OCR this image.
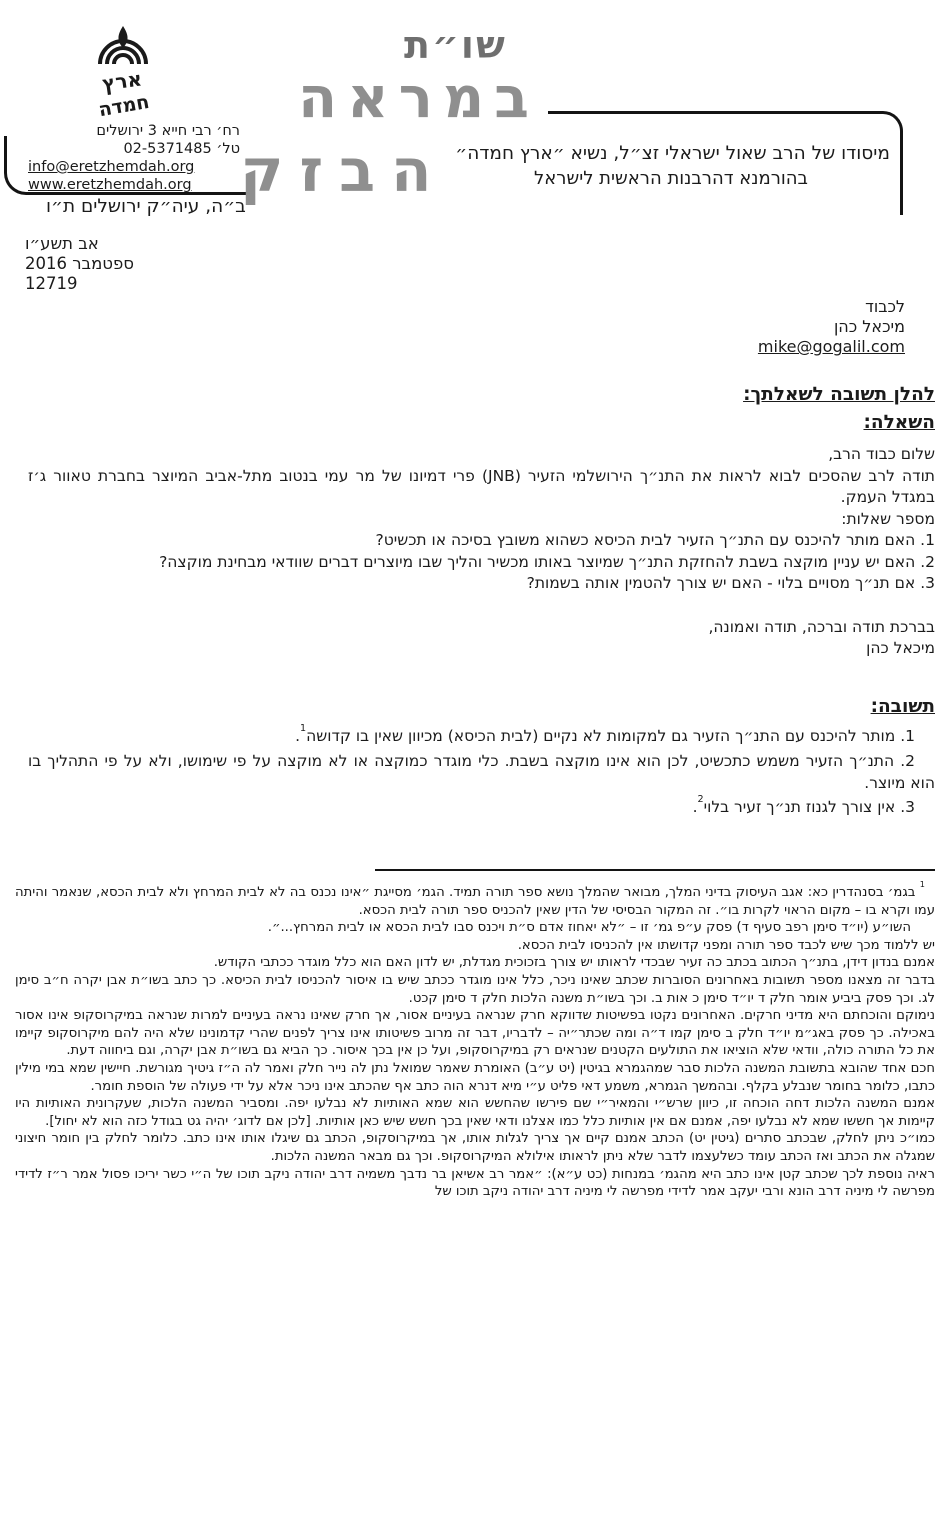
ארץ
חמדה
רח׳ רבי חייא 3 ירושלים
טל׳ 02-5371485
info@eretzhemdah.org
www.eretzhemdah.org
ב״ה, עיה״ק ירושלים ת״ו
שו״ת
במראה
הבזק מיסודו של הרב שאול ישראלי זצ״ל, נשיא ״ארץ חמדה״
בהורמנא דהרבנות הראשית לישראל
אב תשע״ו
ספטמבר 2016
12719
לכבוד
מיכאל כהן
mike@gogalil.com
להלן תשובה לשאלתך:
השאלה:
שלום כבוד הרב,
תודה לרב שהסכים לבוא לראות את התנ״ך הירושלמי הזעיר (JNB) פרי דמיונו של מר עמי בנטוב מתל-אביב המיוצר בחברת טאוור ג׳ז במגדל העמק.
מספר שאלות:
1. האם מותר להיכנס עם התנ״ך הזעיר לבית הכיסא כשהוא משובץ בסיכה או תכשיט?
2. האם יש עניין מוקצה בשבת להחזקת התנ״ך שמיוצר באותו מכשיר והליך שבו מיוצרים דברים שוודאי מבחינת מוקצה?
3. אם תנ״ך מסויים בלוי - האם יש צורך להטמין אותה בשמות?
בברכת תודה וברכה, תודה ואמונה,
מיכאל כהן
תשובה:
1. מותר להיכנס עם התנ״ך הזעיר גם למקומות לא נקיים (לבית הכיסא) מכיוון שאין בו קדושה$^1$.
2. התנ״ך הזעיר משמש כתכשיט, לכן הוא אינו מוקצה בשבת. כלי מוגדר כמוקצה או לא מוקצה על פי שימושו, ולא על פי התהליך בו הוא מיוצר.
3. אין צורך לגנוז תנ״ך זעיר בלוי$^2$.
$^1$ בגמ׳ בסנהדרין כא: אגב העיסוק בדיני המלך, מבואר שהמלך נושא ספר תורה תמיד. הגמ׳ מסייגת ״אינו נכנס בה לא לבית המרחץ ולא לבית הכסא, שנאמר והיתה עמו וקרא בו – מקום הראוי לקרות בו״. זה המקור הבסיסי של הדין שאין להכניס ספר תורה לבית הכסא.
השו״ע (יו״ד סימן רפב סעיף ד) פסק ע״פ גמ׳ זו – ״לא יאחוז אדם ס״ת ויכנס סבו לבית הכסא או לבית המרחץ...״.
יש ללמוד מכך שיש לכבד ספר תורה ומפני קדושתו אין להכניסו לבית הכסא.
אמנם בנדון דידן, בתנ״ך הכתוב בכתב כה זעיר שבכדי לראותו יש צורך בזכוכית מגדלת, יש לדון האם הוא כלל מוגדר ככתבי הקודש.
בדבר זה מצאנו מספר תשובות באחרונים הסוברות שכתב שאינו ניכר, כלל אינו מוגדר ככתב שיש בו איסור להכניסו לבית הכיסא. כך כתב בשו״ת אבן יקרה ח״ב סימן לג. וכך פסק ביביע אומר חלק ד יו״ד סימן כ אות ב. וכך בשו״ת משנה הלכות חלק ד סימן קכט.
נימוקם והוכחתם היא מדיני חרקים. האחרונים נקטו בפשיטות שדווקא חרק שנראה בעיניים אסור, אך חרק שאינו נראה בעיניים למרות שנראה במיקרוסקופ אינו אסור באכילה. כך פסק באג״מ יו״ד חלק ב סימן קמו ד״ה ומה שכתר״יה – לדבריו, דבר זה מרוב פשיטותו אינו צריך לפנים שהרי קדמונינו שלא היה להם מיקרוסקופ קיימו את כל התורה כולה, וודאי שלא הוציאו את התולעים הקטנים שנראים רק במיקרוסקופ, ועל כן אין בכך איסור. כך הביא גם בשו״ת אבן יקרה, וגם ביחווה דעת.
חכם אחד שהובא בתשובת המשנה הלכות סבר שמהגמרא בגיטין (יט ע״ב) האומרת שאמר שמואל נתן לה נייר חלק ואמר לה ה״ז גיטיך מגורשת. חיישין שמא במי מילין כתבו, כלומר בחומר שנבלע בקלף. ובהמשך הגמרא, משמע דאי פליט ע״י מיא דנרא הוה כתב אף שהכתב אינו ניכר אלא על ידי פעולה של הוספת חומר.
אמנם המשנה הלכות דחה הוכחה זו, כיוון שרש״י והמאיר״י שם פירשו שהחשש הוא שמא האותיות לא נבלעו יפה. ומסביר המשנה הלכות, שעקרונית האותיות היו קיימות אך חששו שמא לא נבלעו יפה, אמנם אם אין אותיות כלל כמו אצלנו ודאי שאין בכך חשש שיש כאן אותיות. [לכן אם לדוג׳ יהיה גט בגודל כזה הוא לא יחול].
כמו״כ ניתן לחלק, שבכתב סתרים (גיטין יט) הכתב אמנם קיים אך צריך לגלות אותו, אך במיקרוסקופ, הכתב גם שיגלו אותו אינו כתב. כלומר לחלק בין חומר חיצוני שמגלה את הכתב ואז הכתב עומד כשלעצמו לדבר שלא ניתן לראותו אילולא המיקרוסקופ. וכך גם מבאר המשנה הלכות.
ראיה נוספת לכך שכתב קטן אינו כתב היא מהגמ׳ במנחות (כט ע״א): ״אמר רב אשיאן בר נדבך משמיה דרב יהודה ניקב תוכו של ה״י כשר יריכו פסול אמר ר״ז לדידי מפרשה לי מיניה דרב הונא ורבי יעקב אמר לדידי מפרשה לי מיניה דרב יהודה ניקב תוכו של
